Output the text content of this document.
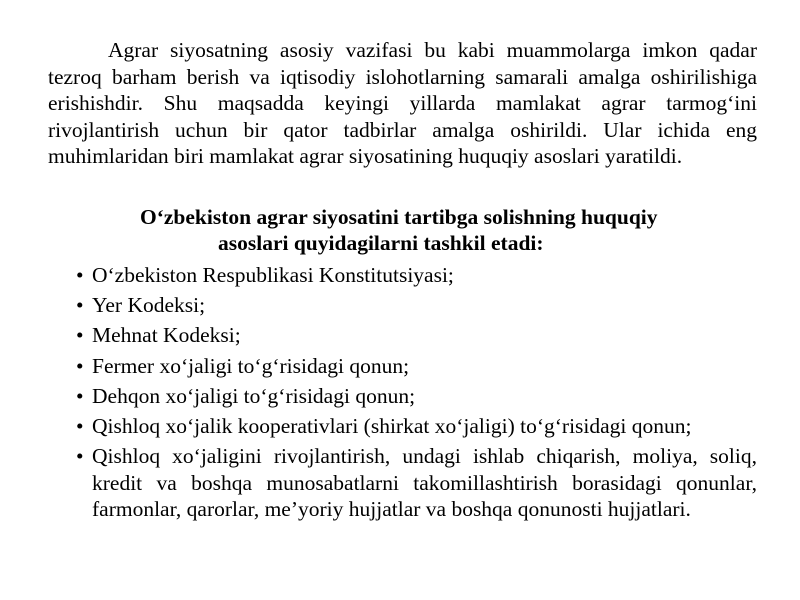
Agrar siyosatning asosiy vazifasi bu kabi muammolarga imkon qadar tezroq barham berish va iqtisodiy islohotlarning samarali amalga oshirilishiga erishishdir. Shu maqsadda keyingi yillarda mamlakat agrar tarmog‘ini rivojlantirish uchun bir qator tadbirlar amalga oshirildi. Ular ichida eng muhimlaridan biri mamlakat agrar siyosatining huquqiy asoslari yaratildi.

O‘zbekiston agrar siyosatini tartibga solishning huquqiy
asoslari quyidagilarni tashkil etadi:
• O‘zbekiston Respublikasi Konstitutsiyasi;
• Yer Kodeksi;
• Mehnat Kodeksi;
• Fermer xo‘jaligi to‘g‘risidagi qonun;
• Dehqon xo‘jaligi to‘g‘risidagi qonun;
• Qishloq xo‘jalik kooperativlari (shirkat xo‘jaligi) to‘g‘risidagi qonun;
• Qishloq xo‘jaligini rivojlantirish, undagi ishlab chiqarish, moliya, soliq, kredit va boshqa munosabatlarni takomillashtirish borasidagi qonunlar, farmonlar, qarorlar, me’yoriy hujjatlar va boshqa qonunosti hujjatlari.
